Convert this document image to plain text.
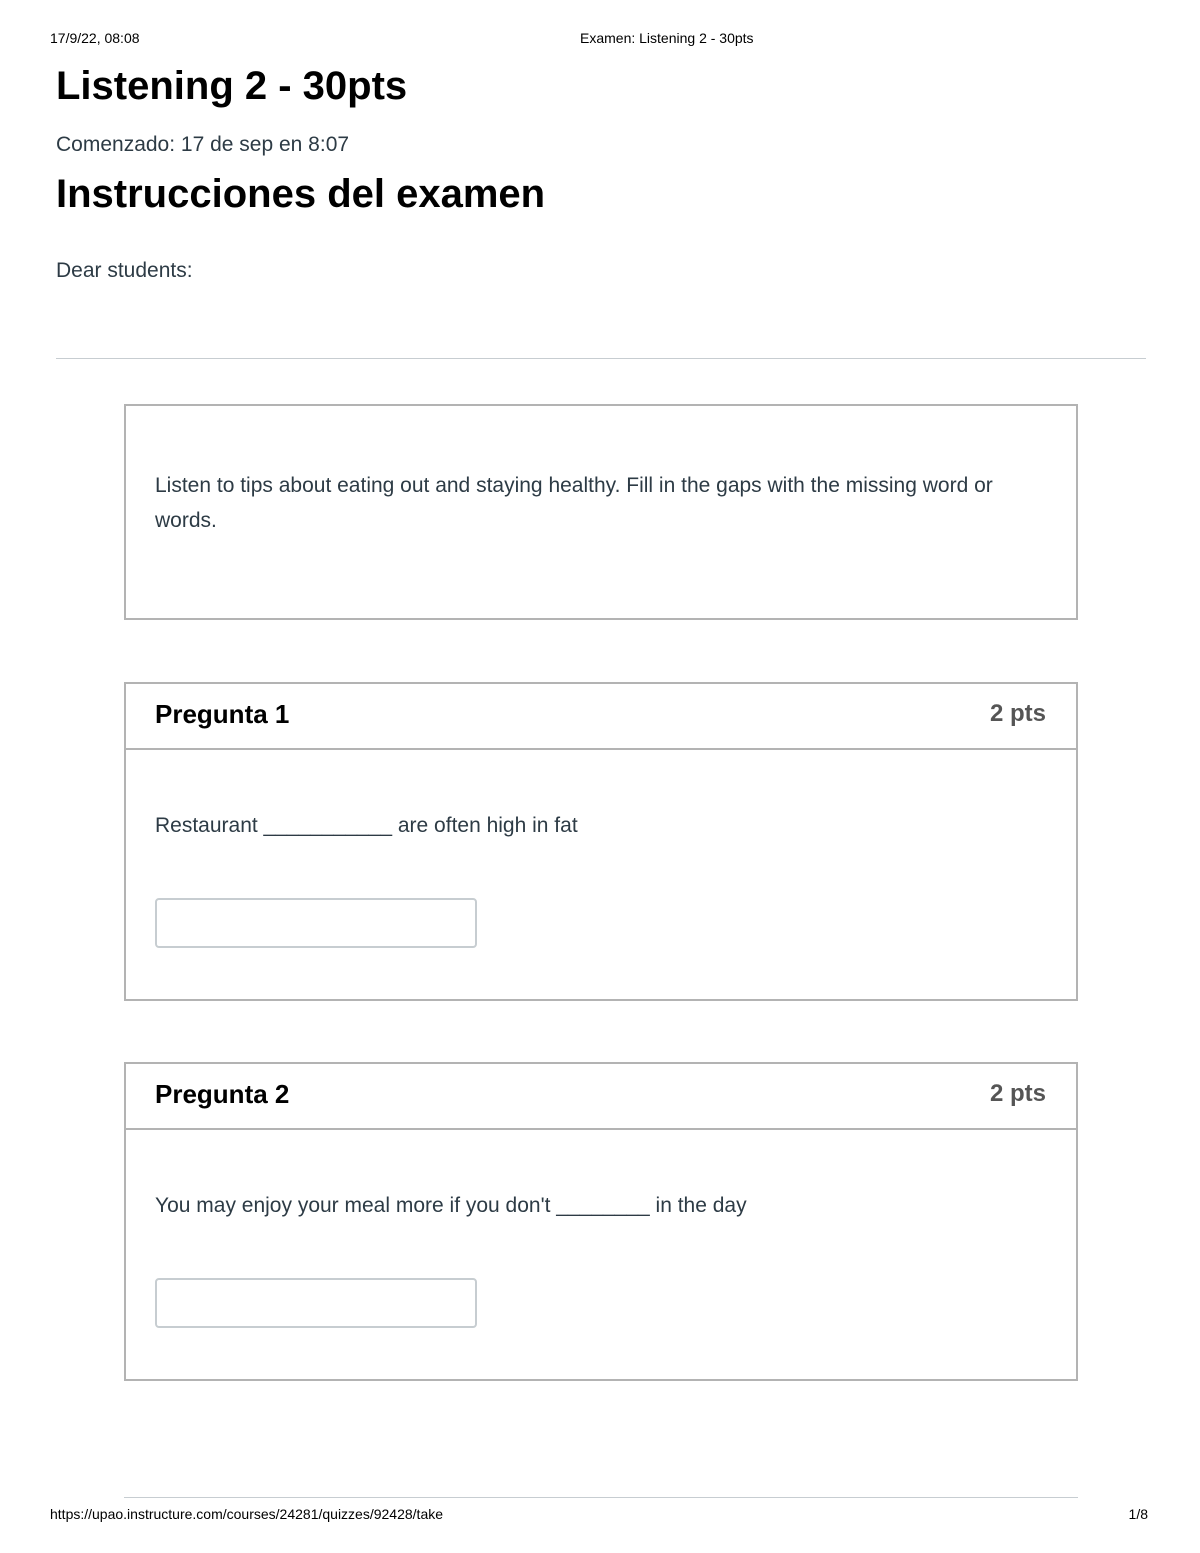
17/9/22, 08:08	Examen: Listening 2 - 30pts
Listening 2 - 30pts
Comenzado: 17 de sep en 8:07
Instrucciones del examen
Dear students:
Listen to tips about eating out and staying healthy. Fill in the gaps with the missing word or words.
Pregunta 1	2 pts
Restaurant ___________ are often high in fat
Pregunta 2	2 pts
You may enjoy your meal more if you don't ________ in the day
https://upao.instructure.com/courses/24281/quizzes/92428/take	1/8
